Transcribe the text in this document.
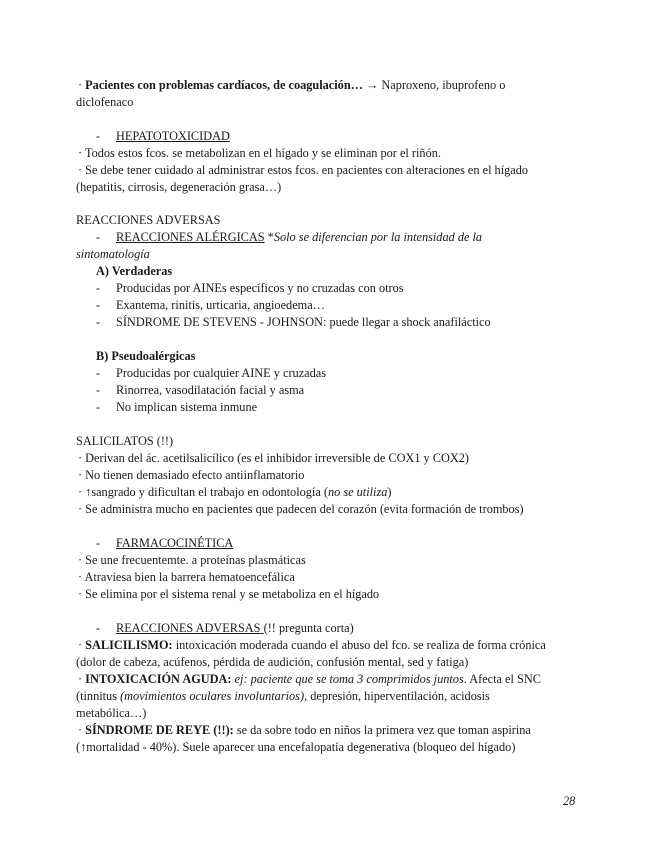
· Pacientes con problemas cardíacos, de coagulación… → Naproxeno, ibuprofeno o
diclofenaco
- HEPATOTOXICIDAD
· Todos estos fcos. se metabolizan en el hígado y se eliminan por el riñón.
· Se debe tener cuidado al administrar estos fcos. en pacientes con alteraciones en el hígado
(hepatitis, cirrosis, degeneración grasa…)
REACCIONES ADVERSAS
- REACCIONES ALÉRGICAS *Solo se diferencian por la intensidad de la
sintomatología
A) Verdaderas
- Producidas por AINEs específicos y no cruzadas con otros
- Exantema, rinitis, urticaria, angioedema…
- SÍNDROME DE STEVENS - JOHNSON: puede llegar a shock anafiláctico
B) Pseudoalérgicas
- Producidas por cualquier AINE y cruzadas
- Rinorrea, vasodilatación facial y asma
- No implican sistema inmune
SALICILATOS (!!)
· Derivan del ác. acetilsalicílico (es el inhibidor irreversible de COX1 y COX2)
· No tienen demasiado efecto antiinflamatorio
· ↑sangrado y dificultan el trabajo en odontología (no se utiliza)
· Se administra mucho en pacientes que padecen del corazón (evita formación de trombos)
- FARMACOCINÉTICA
· Se une frecuentemte. a proteínas plasmáticas
· Atraviesa bien la barrera hematoencefálica
· Se elimina por el sistema renal y se metaboliza en el hígado
- REACCIONES ADVERSAS (!! pregunta corta)
· SALICILISMO: intoxicación moderada cuando el abuso del fco. se realiza de forma crónica
(dolor de cabeza, acúfenos, pérdida de audición, confusión mental, sed y fatiga)
· INTOXICACIÓN AGUDA: ej: paciente que se toma 3 comprimidos juntos. Afecta el SNC
(tinnitus (movimientos oculares involuntarios), depresión, hiperventilación, acidosis
metabólica…)
· SÍNDROME DE REYE (!!): se da sobre todo en niños la primera vez que toman aspirina
(↑mortalidad - 40%). Suele aparecer una encefalopatía degenerativa (bloqueo del hígado)
28
